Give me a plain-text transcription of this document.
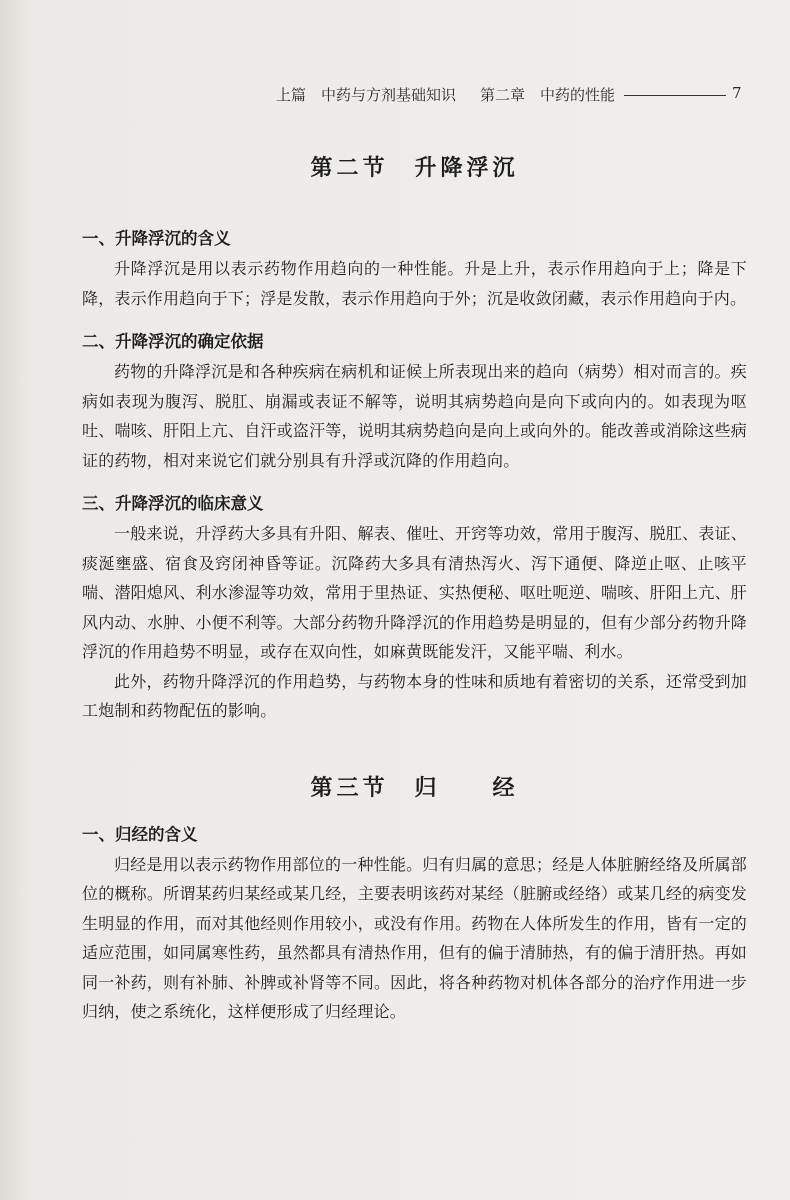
上篇　中药与方剂基础知识 第二章　中药的性能	7
第二节　升降浮沉
一、升降浮沉的含义

升降浮沉是用以表示药物作用趋向的一种性能。升是上升，表示作用趋向于上；降是下降，表示作用趋向于下；浮是发散，表示作用趋向于外；沉是收敛闭藏，表示作用趋向于内。

二、升降浮沉的确定依据

药物的升降浮沉是和各种疾病在病机和证候上所表现出来的趋向（病势）相对而言的。疾病如表现为腹泻、脱肛、崩漏或表证不解等，说明其病势趋向是向下或向内的。如表现为呕吐、喘咳、肝阳上亢、自汗或盗汗等，说明其病势趋向是向上或向外的。能改善或消除这些病证的药物，相对来说它们就分别具有升浮或沉降的作用趋向。

三、升降浮沉的临床意义

一般来说，升浮药大多具有升阳、解表、催吐、开窍等功效，常用于腹泻、脱肛、表证、痰涎壅盛、宿食及窍闭神昏等证。沉降药大多具有清热泻火、泻下通便、降逆止呕、止咳平喘、潜阳熄风、利水渗湿等功效，常用于里热证、实热便秘、呕吐呃逆、喘咳、肝阳上亢、肝风内动、水肿、小便不利等。大部分药物升降浮沉的作用趋势是明显的，但有少部分药物升降浮沉的作用趋势不明显，或存在双向性，如麻黄既能发汗，又能平喘、利水。

此外，药物升降浮沉的作用趋势，与药物本身的性味和质地有着密切的关系，还常受到加工炮制和药物配伍的影响。

第三节　归　　经
一、归经的含义

归经是用以表示药物作用部位的一种性能。归有归属的意思；经是人体脏腑经络及所属部位的概称。所谓某药归某经或某几经，主要表明该药对某经（脏腑或经络）或某几经的病变发生明显的作用，而对其他经则作用较小，或没有作用。药物在人体所发生的作用，皆有一定的适应范围，如同属寒性药，虽然都具有清热作用，但有的偏于清肺热，有的偏于清肝热。再如同一补药，则有补肺、补脾或补肾等不同。因此，将各种药物对机体各部分的治疗作用进一步归纳，使之系统化，这样便形成了归经理论。
